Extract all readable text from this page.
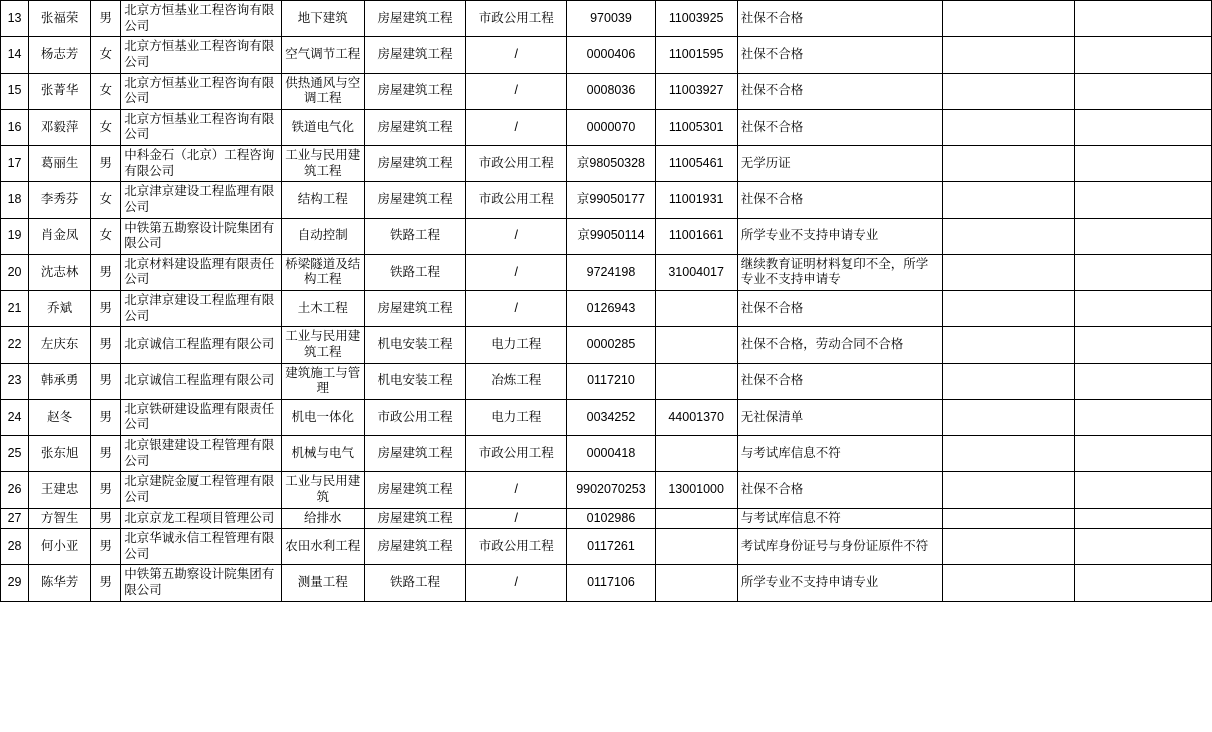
13	张福荣	男	北京方恒基业工程咨询有限公司	地下建筑	房屋建筑工程	市政公用工程	970039	11003925	社保不合格		
14	杨志芳	女	北京方恒基业工程咨询有限公司	空气调节工程	房屋建筑工程	/	0000406	11001595	社保不合格		
15	张菁华	女	北京方恒基业工程咨询有限公司	供热通风与空调工程	房屋建筑工程	/	0008036	11003927	社保不合格		
16	邓毅萍	女	北京方恒基业工程咨询有限公司	铁道电气化	房屋建筑工程	/	0000070	11005301	社保不合格		
17	葛丽生	男	中科金石（北京）工程咨询有限公司	工业与民用建筑工程	房屋建筑工程	市政公用工程	京98050328	11005461	无学历证		
18	李秀芬	女	北京津京建设工程监理有限公司	结构工程	房屋建筑工程	市政公用工程	京99050177	11001931	社保不合格		
19	肖金凤	女	中铁第五勘察设计院集团有限公司	自动控制	铁路工程	/	京99050114	11001661	所学专业不支持申请专业		
20	沈志林	男	北京材料建设监理有限责任公司	桥梁隧道及结构工程	铁路工程	/	9724198	31004017	继续教育证明材料复印不全，所学专业不支持申请专		
21	乔斌	男	北京津京建设工程监理有限公司	土木工程	房屋建筑工程	/	0126943		社保不合格		
22	左庆东	男	北京诚信工程监理有限公司	工业与民用建筑工程	机电安装工程	电力工程	0000285		社保不合格，劳动合同不合格		
23	韩承勇	男	北京诚信工程监理有限公司	建筑施工与管理	机电安装工程	冶炼工程	0117210		社保不合格		
24	赵冬	男	北京铁研建设监理有限责任公司	机电一体化	市政公用工程	电力工程	0034252	44001370	无社保清单		
25	张东旭	男	北京银建建设工程管理有限公司	机械与电气	房屋建筑工程	市政公用工程	0000418		与考试库信息不符		
26	王建忠	男	北京建院金厦工程管理有限公司	工业与民用建筑	房屋建筑工程	/	9902070253	13001000	社保不合格		
27	方智生	男	北京京龙工程项目管理公司	给排水	房屋建筑工程	/	0102986		与考试库信息不符		
28	何小亚	男	北京华诚永信工程管理有限公司	农田水利工程	房屋建筑工程	市政公用工程	0117261		考试库身份证号与身份证原件不符		
29	陈华芳	男	中铁第五勘察设计院集团有限公司	测量工程	铁路工程	/	0117106		所学专业不支持申请专业		
